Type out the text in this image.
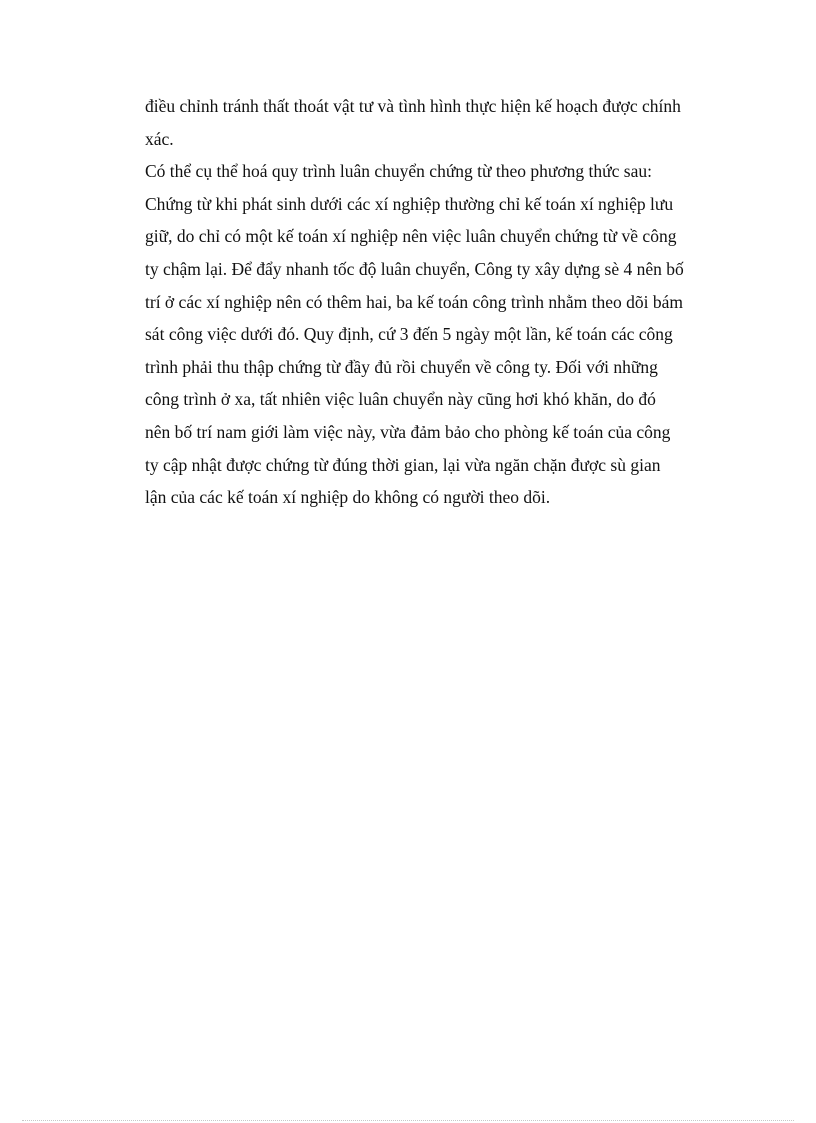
điều chỉnh tránh thất thoát vật tư và tình hình thực hiện kế hoạch được chính
xác.
Có thể cụ thể hoá quy trình luân chuyển chứng từ theo phương thức sau:
Chứng từ khi phát sinh dưới các xí nghiệp thường chỉ kế toán xí nghiệp lưu
giữ, do chỉ có một kế toán xí nghiệp nên việc luân chuyển chứng từ về công
ty chậm lại. Để đẩy nhanh tốc độ luân chuyển, Công ty xây dựng sè 4 nên bố
trí ở các xí nghiệp nên có thêm hai, ba kế toán công trình nhằm theo dõi bám
sát công việc dưới đó. Quy định, cứ 3 đến 5 ngày một lần, kế toán các công
trình phải thu thập chứng từ đầy đủ rồi chuyển về công ty. Đối với những
công trình ở xa, tất nhiên việc luân chuyển này cũng hơi khó khăn, do đó
nên bố trí nam giới làm việc này, vừa đảm bảo cho phòng kế toán của công
ty cập nhật được chứng từ đúng thời gian, lại vừa ngăn chặn được sù gian
lận của các kế toán xí nghiệp do không có người theo dõi.
